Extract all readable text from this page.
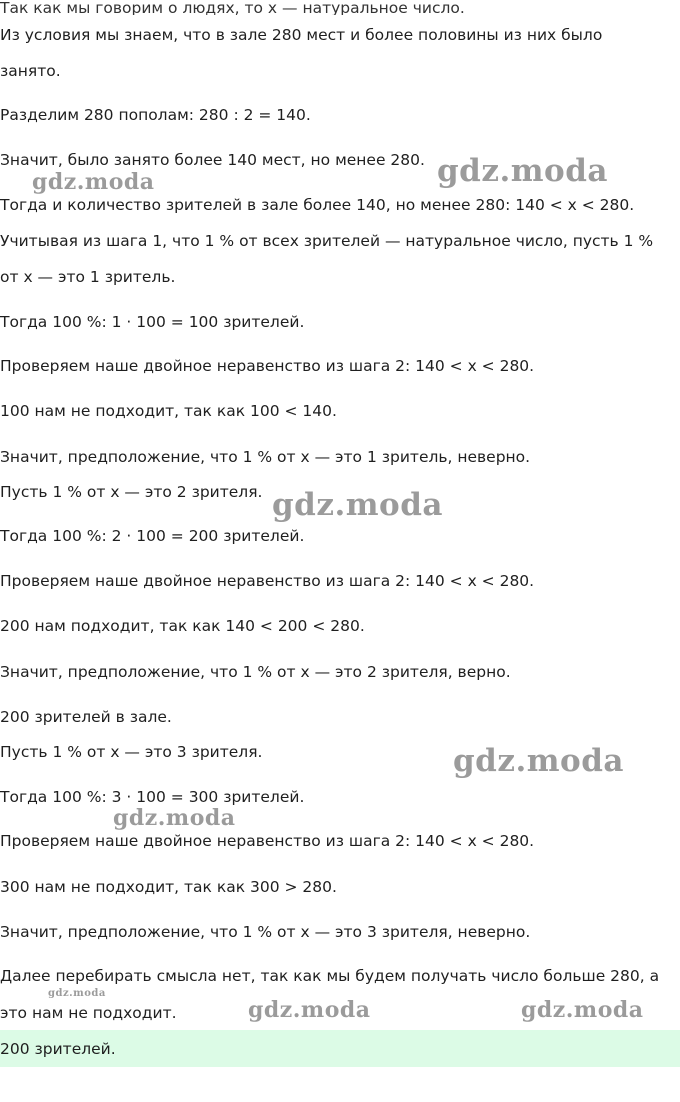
Так как мы говорим о людях, то x — натуральное число.
Из условия мы знаем, что в зале 280 мест и более половины из них было
занято.
Разделим 280 пополам: 280 : 2 = 140.
Значит, было занято более 140 мест, но менее 280.
Тогда и количество зрителей в зале более 140, но менее 280: 140 < x < 280.
Учитывая из шага 1, что 1 % от всех зрителей — натуральное число, пусть 1 %
от x — это 1 зритель.
Тогда 100 %: 1 · 100 = 100 зрителей.
Проверяем наше двойное неравенство из шага 2: 140 < x < 280.
100 нам не подходит, так как 100 < 140.
Значит, предположение, что 1 % от x — это 1 зритель, неверно.
Пусть 1 % от x — это 2 зрителя.
Тогда 100 %: 2 · 100 = 200 зрителей.
Проверяем наше двойное неравенство из шага 2: 140 < x < 280.
200 нам подходит, так как 140 < 200 < 280.
Значит, предположение, что 1 % от x — это 2 зрителя, верно.
200 зрителей в зале.
Пусть 1 % от x — это 3 зрителя.
Тогда 100 %: 3 · 100 = 300 зрителей.
Проверяем наше двойное неравенство из шага 2: 140 < x < 280.
300 нам не подходит, так как 300 > 280.
Значит, предположение, что 1 % от x — это 3 зрителя, неверно.
Далее перебирать смысла нет, так как мы будем получать число больше 280, а
это нам не подходит.
200 зрителей.
gdz.moda
gdz.moda
gdz.moda
gdz.moda
gdz.moda
gdz.moda
gdz.moda	gdz.moda
